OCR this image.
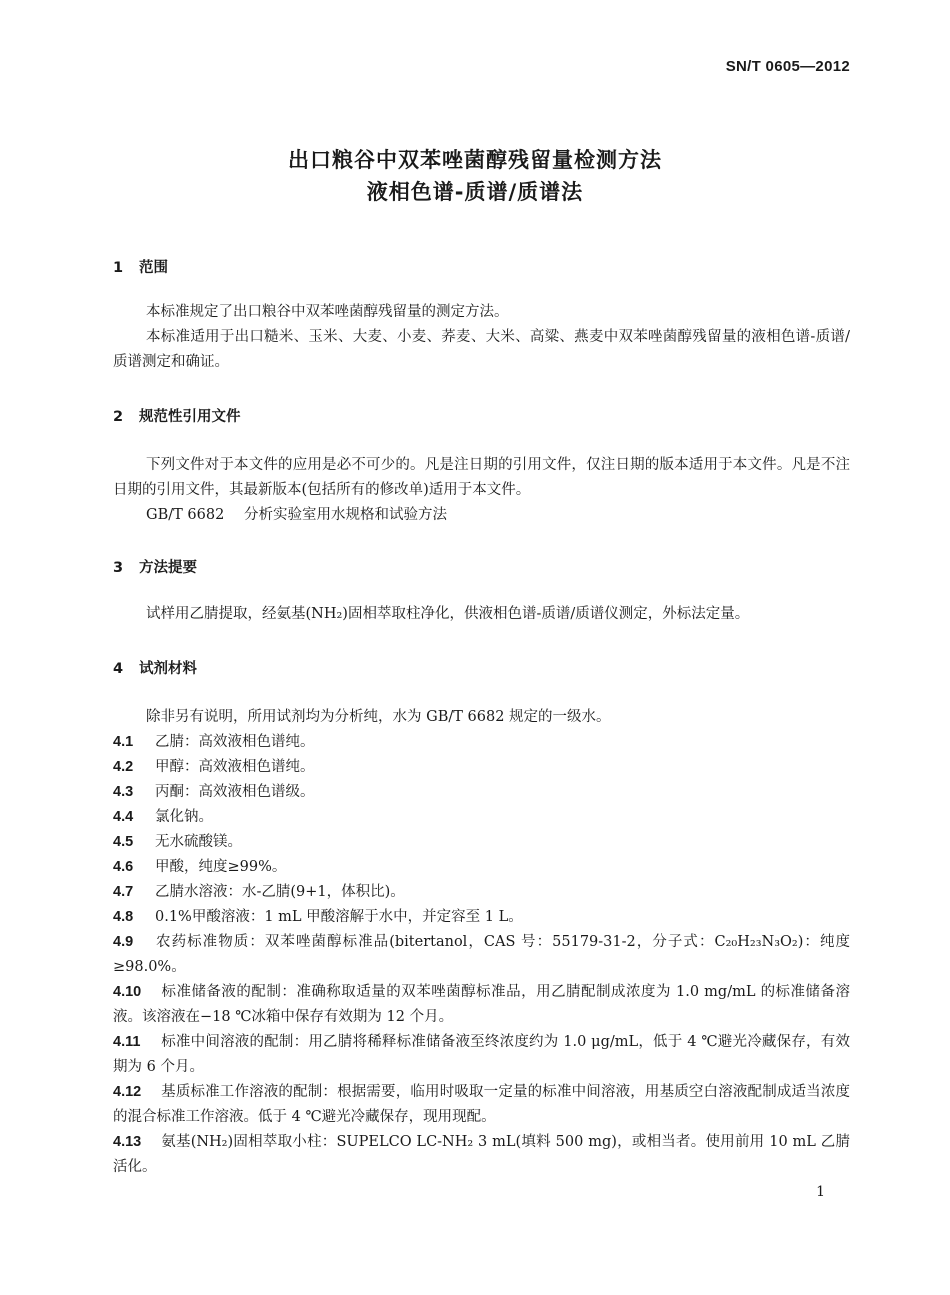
SN/T 0605—2012
出口粮谷中双苯唑菌醇残留量检测方法
液相色谱-质谱/质谱法
1 范围

本标准规定了出口粮谷中双苯唑菌醇残留量的测定方法。

本标准适用于出口糙米、玉米、大麦、小麦、荞麦、大米、高粱、燕麦中双苯唑菌醇残留量的液相色谱-质谱/质谱测定和确证。

2 规范性引用文件

下列文件对于本文件的应用是必不可少的。凡是注日期的引用文件，仅注日期的版本适用于本文件。凡是不注日期的引用文件，其最新版本(包括所有的修改单)适用于本文件。

GB/T 6682 分析实验室用水规格和试验方法
3 方法提要

试样用乙腈提取，经氨基(NH₂)固相萃取柱净化，供液相色谱-质谱/质谱仪测定，外标法定量。

4 试剂材料

除非另有说明，所用试剂均为分析纯，水为 GB/T 6682 规定的一级水。

4.1 乙腈：高效液相色谱纯。

4.2 甲醇：高效液相色谱纯。

4.3 丙酮：高效液相色谱级。

4.4 氯化钠。

4.5 无水硫酸镁。

4.6 甲酸，纯度≥99%。

4.7 乙腈水溶液：水-乙腈(9+1，体积比)。

4.8 0.1%甲酸溶液：1 mL 甲酸溶解于水中，并定容至 1 L。

4.9 农药标准物质：双苯唑菌醇标准品(bitertanol，CAS 号：55179-31-2，分子式：C₂₀H₂₃N₃O₂)：纯度≥98.0%。

4.10 标准储备液的配制：准确称取适量的双苯唑菌醇标准品，用乙腈配制成浓度为 1.0 mg/mL 的标准储备溶液。该溶液在−18 ℃冰箱中保存有效期为 12 个月。

4.11 标准中间溶液的配制：用乙腈将稀释标准储备液至终浓度约为 1.0 μg/mL，低于 4 ℃避光冷藏保存，有效期为 6 个月。

4.12 基质标准工作溶液的配制：根据需要，临用时吸取一定量的标准中间溶液，用基质空白溶液配制成适当浓度的混合标准工作溶液。低于 4 ℃避光冷藏保存，现用现配。

4.13 氨基(NH₂)固相萃取小柱：SUPELCO LC-NH₂ 3 mL(填料 500 mg)，或相当者。使用前用 10 mL 乙腈活化。

1
